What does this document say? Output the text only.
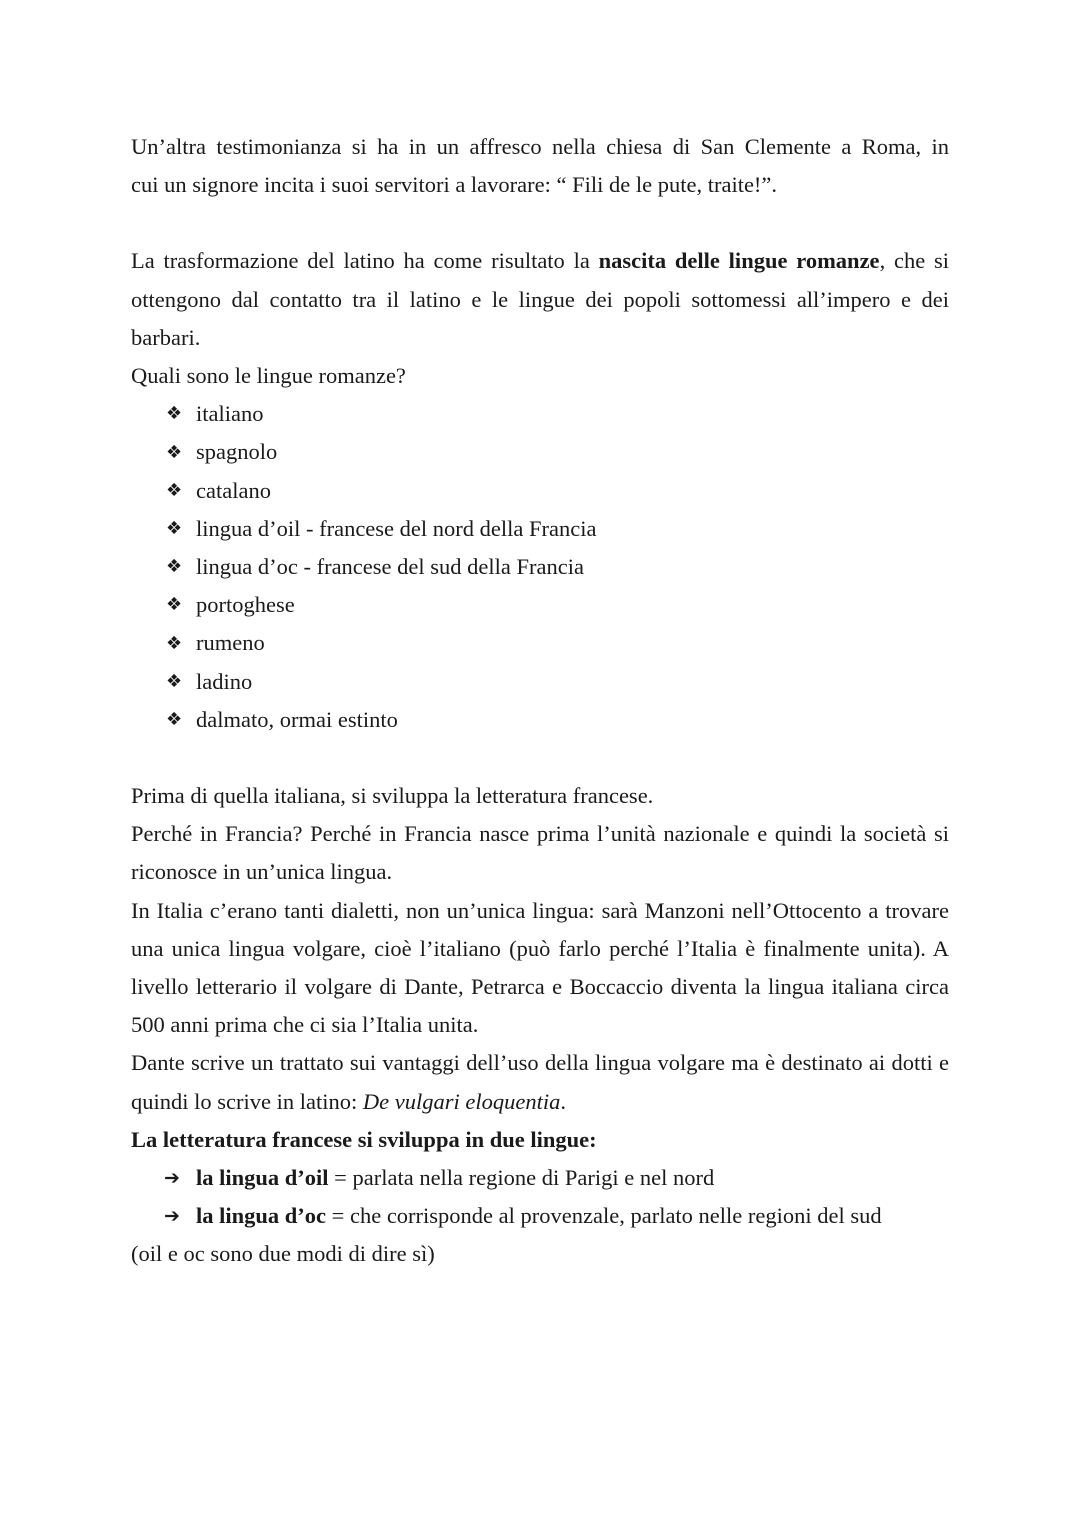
Un’altra testimonianza si ha in un affresco nella chiesa di San Clemente a Roma, in

cui un signore incita i suoi servitori a lavorare: “ Fili de le pute, traite!”.

La trasformazione del latino ha come risultato la nascita delle lingue romanze, che si ottengono dal contatto tra il latino e le lingue dei popoli sottomessi all’impero e dei barbari.

Quali sono le lingue romanze?

❖ italiano
❖ spagnolo
❖ catalano
❖ lingua d’oil - francese del nord della Francia
❖ lingua d’oc - francese del sud della Francia
❖ portoghese
❖ rumeno
❖ ladino
❖ dalmato, ormai estinto

Prima di quella italiana, si sviluppa la letteratura francese.

Perché in Francia? Perché in Francia nasce prima l’unità nazionale e quindi la società si riconosce in un’unica lingua.

In Italia c’erano tanti dialetti, non un’unica lingua: sarà Manzoni nell’Ottocento a trovare una unica lingua volgare, cioè l’italiano (può farlo perché l’Italia è finalmente unita). A livello letterario il volgare di Dante, Petrarca e Boccaccio diventa la lingua italiana circa 500 anni prima che ci sia l’Italia unita.

Dante scrive un trattato sui vantaggi dell’uso della lingua volgare ma è destinato ai dotti e quindi lo scrive in latino: De vulgari eloquentia.

La letteratura francese si sviluppa in due lingue:

➔ la lingua d’oil = parlata nella regione di Parigi e nel nord
➔ la lingua d’oc = che corrisponde al provenzale, parlato nelle regioni del sud

(oil e oc sono due modi di dire sì)
